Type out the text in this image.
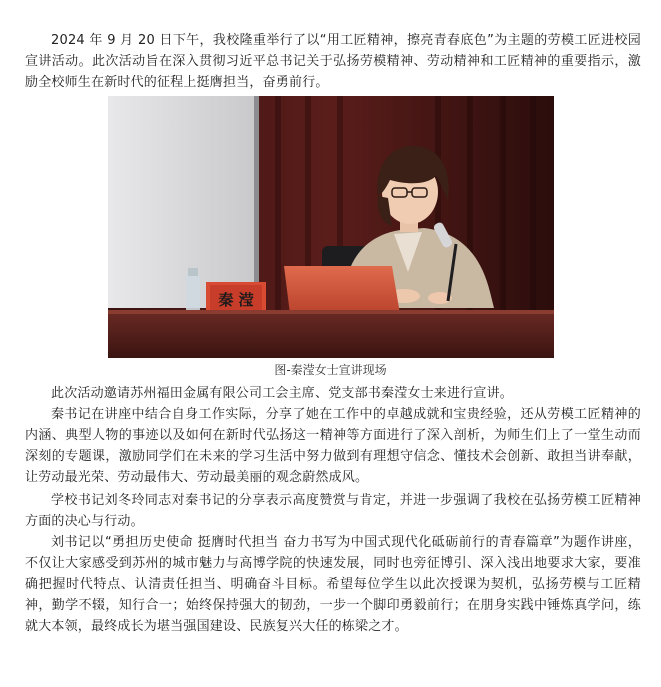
2024 年 9 月 20 日下午，我校隆重举行了以“用工匠精神，擦亮青春底色”为主题的劳模工匠进校园宣讲活动。此次活动旨在深入贯彻习近平总书记关于弘扬劳模精神、劳动精神和工匠精神的重要指示，激励全校师生在新时代的征程上挺膺担当，奋勇前行。

秦 滢
图-秦滢女士宣讲现场

此次活动邀请苏州福田金属有限公司工会主席、党支部书秦滢女士来进行宣讲。

秦书记在讲座中结合自身工作实际，分享了她在工作中的卓越成就和宝贵经验，还从劳模工匠精神的内涵、典型人物的事迹以及如何在新时代弘扬这一精神等方面进行了深入剖析，为师生们上了一堂生动而深刻的专题课，激励同学们在未来的学习生活中努力做到有理想守信念、懂技术会创新、敢担当讲奉献，让劳动最光荣、劳动最伟大、劳动最美丽的观念蔚然成风。

学校书记刘冬玲同志对秦书记的分享表示高度赞赏与肯定，并进一步强调了我校在弘扬劳模工匠精神方面的决心与行动。

刘书记以“勇担历史使命 挺膺时代担当 奋力书写为中国式现代化砥砺前行的青春篇章”为题作讲座，不仅让大家感受到苏州的城市魅力与高博学院的快速发展，同时也旁征博引、深入浅出地要求大家，要准确把握时代特点、认清责任担当、明确奋斗目标。希望每位学生以此次授课为契机，弘扬劳模与工匠精神，勤学不辍，知行合一；始终保持强大的韧劲，一步一个脚印勇毅前行；在朋身实践中锤炼真学问，练就大本领，最终成长为堪当强国建设、民族复兴大任的栋梁之才。
